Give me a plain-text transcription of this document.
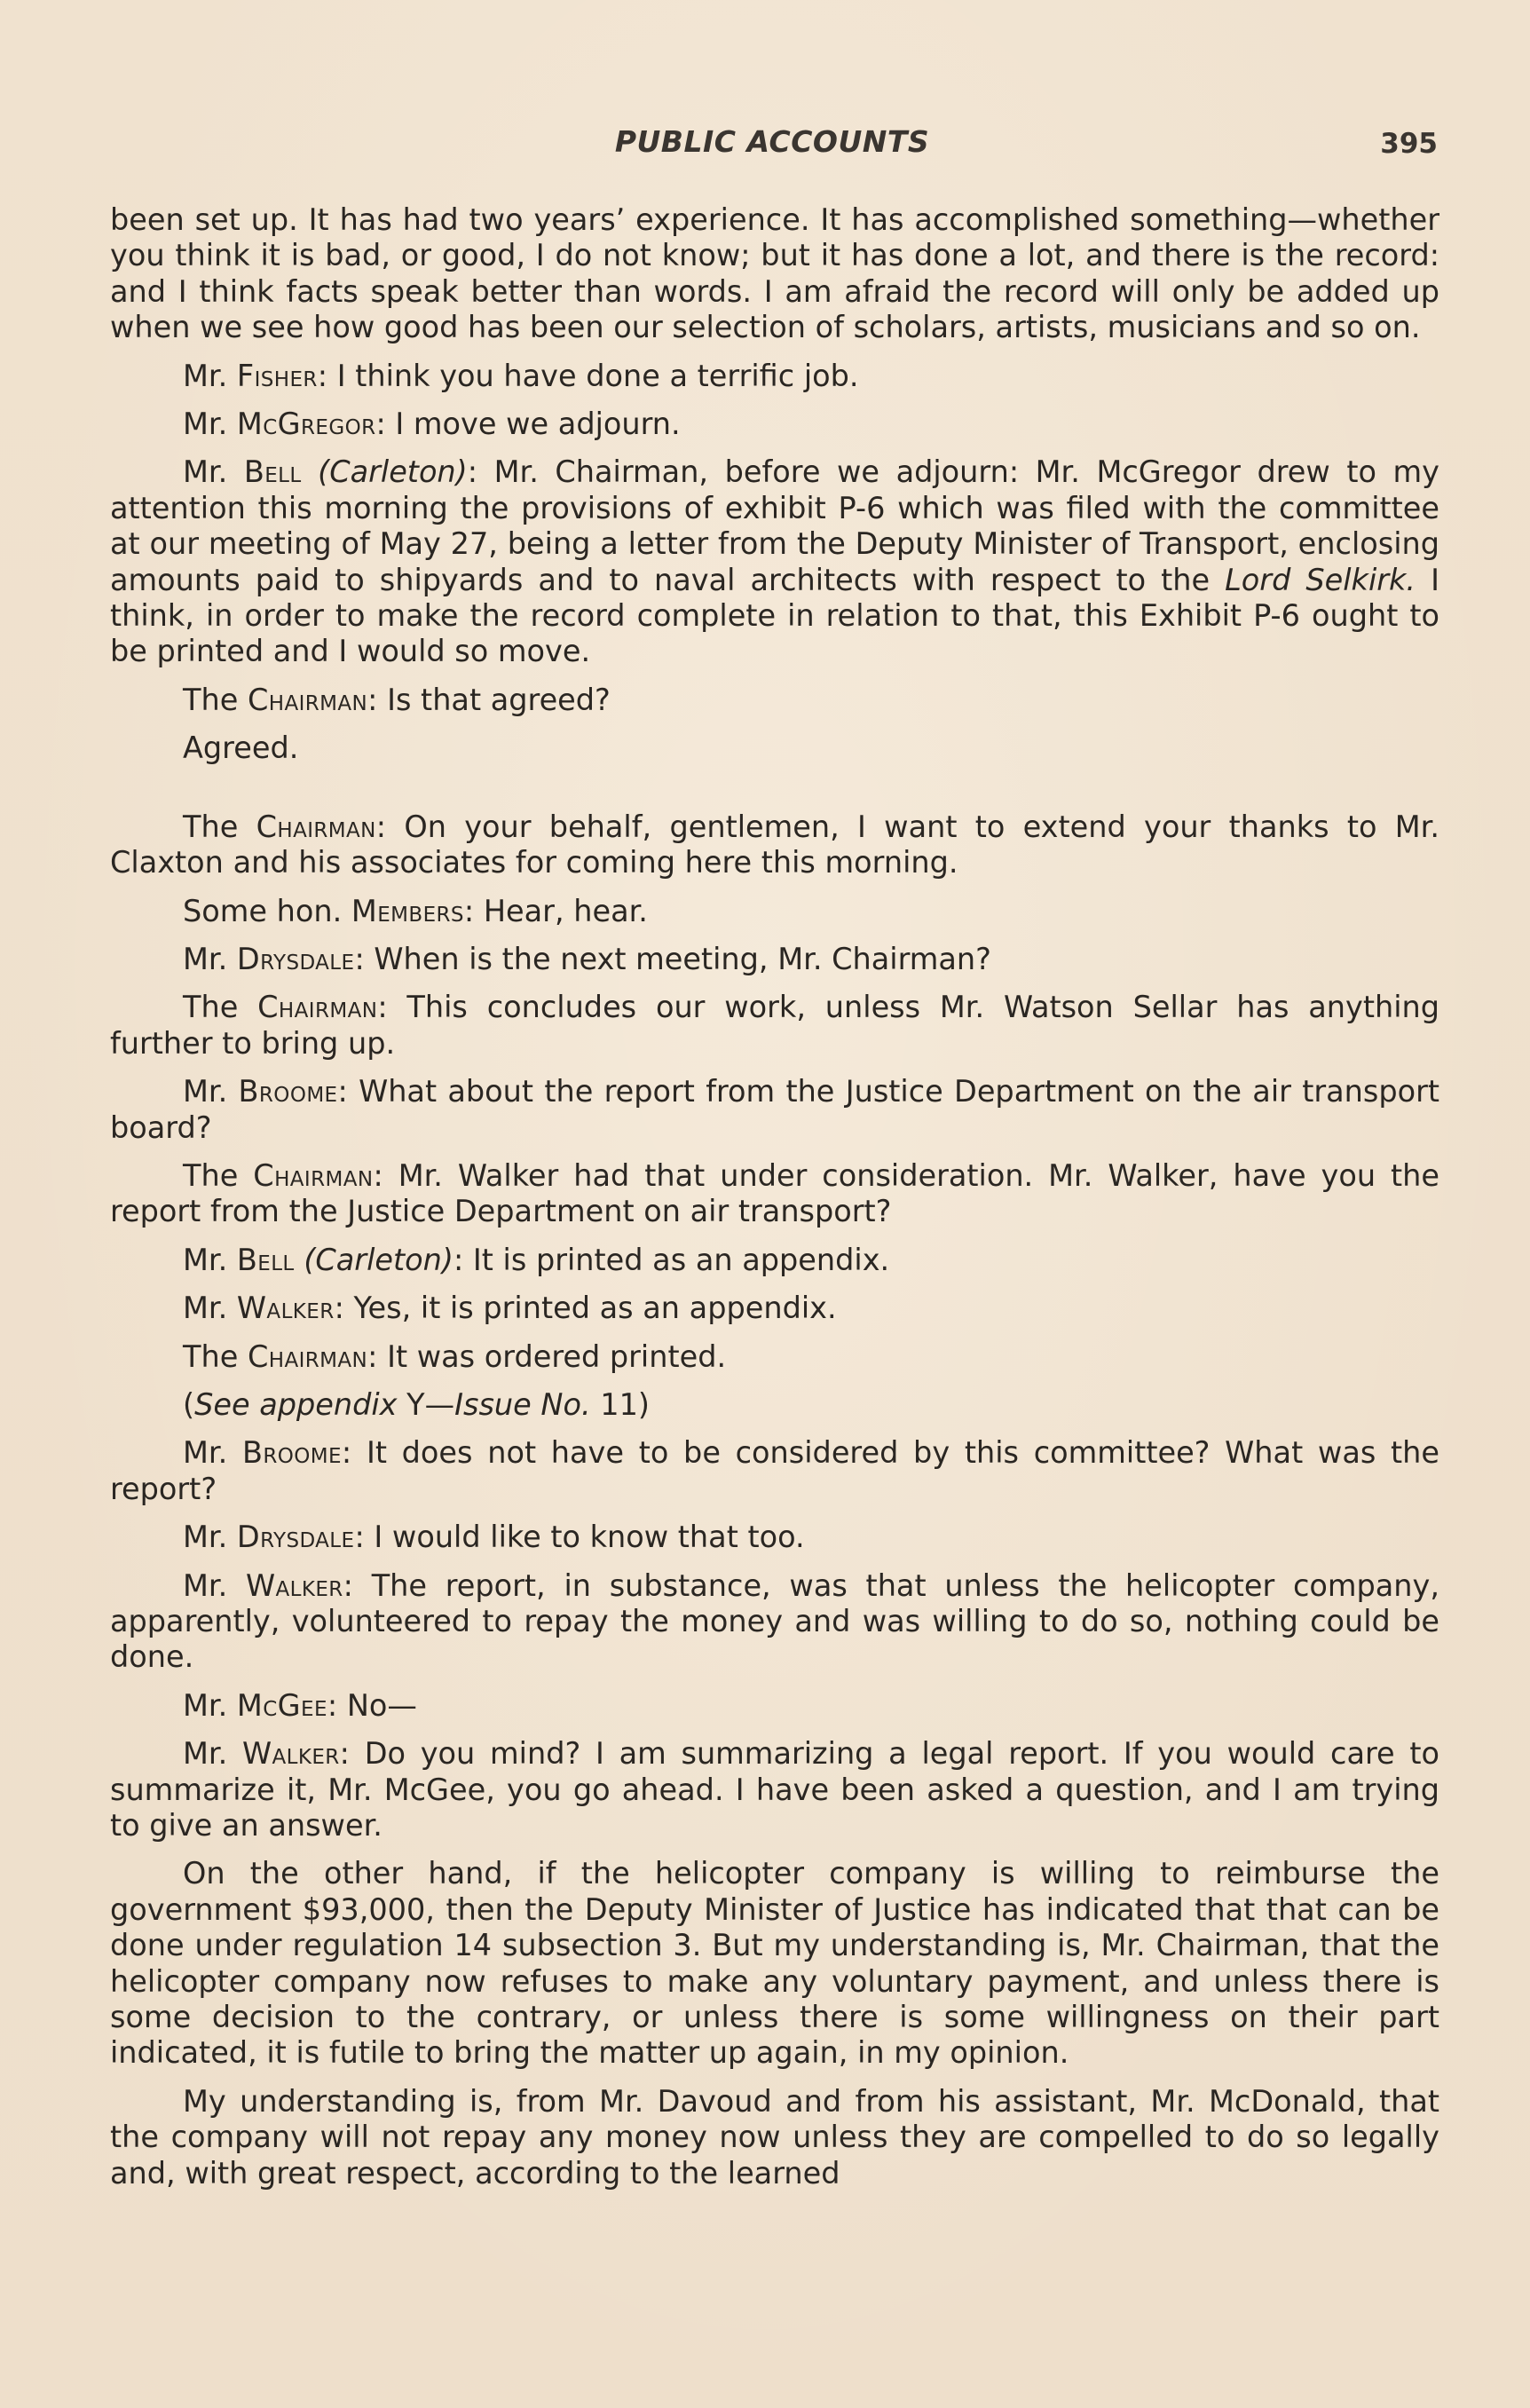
PUBLIC ACCOUNTS	395

been set up. It has had two years’ experience. It has accomplished something—whether you think it is bad, or good, I do not know; but it has done a lot, and there is the record: and I think facts speak better than words. I am afraid the record will only be added up when we see how good has been our selection of scholars, artists, musicians and so on.

Mr. Fisher: I think you have done a terrific job.

Mr. McGregor: I move we adjourn.

Mr. Bell (Carleton): Mr. Chairman, before we adjourn: Mr. McGregor drew to my attention this morning the provisions of exhibit P-6 which was filed with the committee at our meeting of May 27, being a letter from the Deputy Minister of Transport, enclosing amounts paid to shipyards and to naval architects with respect to the Lord Selkirk. I think, in order to make the record complete in relation to that, this Exhibit P-6 ought to be printed and I would so move.

The Chairman: Is that agreed?

Agreed.

The Chairman: On your behalf, gentlemen, I want to extend your thanks to Mr. Claxton and his associates for coming here this morning.

Some hon. Members: Hear, hear.

Mr. Drysdale: When is the next meeting, Mr. Chairman?

The Chairman: This concludes our work, unless Mr. Watson Sellar has anything further to bring up.

Mr. Broome: What about the report from the Justice Department on the air transport board?

The Chairman: Mr. Walker had that under consideration. Mr. Walker, have you the report from the Justice Department on air transport?

Mr. Bell (Carleton): It is printed as an appendix.

Mr. Walker: Yes, it is printed as an appendix.

The Chairman: It was ordered printed.

(See appendix Y—Issue No. 11)

Mr. Broome: It does not have to be considered by this committee? What was the report?

Mr. Drysdale: I would like to know that too.

Mr. Walker: The report, in substance, was that unless the helicopter company, apparently, volunteered to repay the money and was willing to do so, nothing could be done.

Mr. McGee: No—

Mr. Walker: Do you mind? I am summarizing a legal report. If you would care to summarize it, Mr. McGee, you go ahead. I have been asked a question, and I am trying to give an answer.

On the other hand, if the helicopter company is willing to reimburse the government $93,000, then the Deputy Minister of Justice has indicated that that can be done under regulation 14 subsection 3. But my understanding is, Mr. Chairman, that the helicopter company now refuses to make any voluntary payment, and unless there is some decision to the contrary, or unless there is some willingness on their part indicated, it is futile to bring the matter up again, in my opinion.

My understanding is, from Mr. Davoud and from his assistant, Mr. McDonald, that the company will not repay any money now unless they are compelled to do so legally and, with great respect, according to the learned
